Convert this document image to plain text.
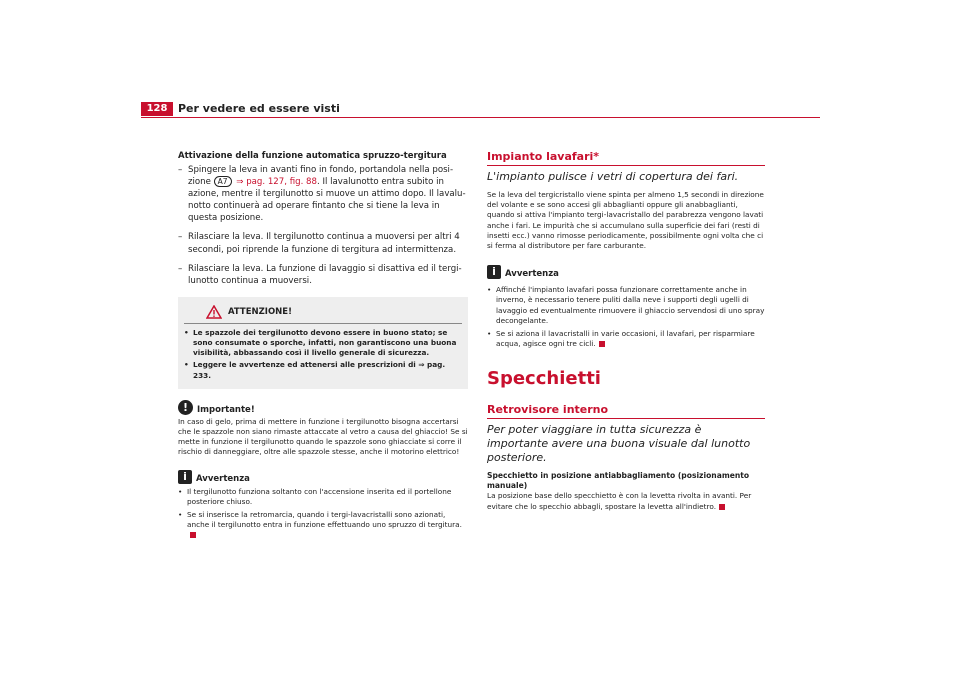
128 Per vedere ed essere visti
Attivazione della funzione automatica spruzzo-tergitura
– Spingere la leva in avanti fino in fondo, portandola nella posi-zione A7 ⇒ pag. 127, fig. 88. Il lavalunotto entra subito in azione, mentre il tergilunotto si muove un attimo dopo. Il lavalu-notto continuerà ad operare fintanto che si tiene la leva in questa posizione.
– Rilasciare la leva. Il tergilunotto continua a muoversi per altri 4 secondi, poi riprende la funzione di tergitura ad intermittenza.
– Rilasciare la leva. La funzione di lavaggio si disattiva ed il tergi-lunotto continua a muoversi.
ATTENZIONE!
• Le spazzole dei tergilunotto devono essere in buono stato; se sono consumate o sporche, infatti, non garantiscono una buona visibilità, abbassando così il livello generale di sicurezza.
• Leggere le avvertenze ed attenersi alle prescrizioni di ⇒ pag. 233.
!	Importante!
In caso di gelo, prima di mettere in funzione i tergilunotto bisogna accertarsi che le spazzole non siano rimaste attaccate al vetro a causa del ghiaccio! Se si mette in funzione il tergilunotto quando le spazzole sono ghiacciate si corre il rischio di danneggiare, oltre alle spazzole stesse, anche il motorino elettrico!
i	Avvertenza
• Il tergilunotto funziona soltanto con l'accensione inserita ed il portellone posteriore chiuso.
• Se si inserisce la retromarcia, quando i tergi-lavacristalli sono azionati, anche il tergilunotto entra in funzione effettuando uno spruzzo di tergitura.
Impianto lavafari*
L'impianto pulisce i vetri di copertura dei fari.
Se la leva del tergicristallo viene spinta per almeno 1,5 secondi in direzione del volante e se sono accesi gli abbaglianti oppure gli anabbaglianti, quando si attiva l'impianto tergi-lavacristallo del parabrezza vengono lavati anche i fari. Le impurità che si accumulano sulla superficie dei fari (resti di insetti ecc.) vanno rimosse periodicamente, possibilmente ogni volta che ci si ferma al distributore per fare carburante.
i	Avvertenza
• Affinché l'impianto lavafari possa funzionare correttamente anche in inverno, è necessario tenere puliti dalla neve i supporti degli ugelli di lavaggio ed eventualmente rimuovere il ghiaccio servendosi di uno spray decongelante.
• Se si aziona il lavacristalli in varie occasioni, il lavafari, per risparmiare acqua, agisce ogni tre cicli.
Specchietti
Retrovisore interno
Per poter viaggiare in tutta sicurezza è importante avere una buona visuale dal lunotto posteriore.
Specchietto in posizione antiabbagliamento (posizionamento manuale)
La posizione base dello specchietto è con la levetta rivolta in avanti. Per evitare che lo specchio abbagli, spostare la levetta all'indietro.
